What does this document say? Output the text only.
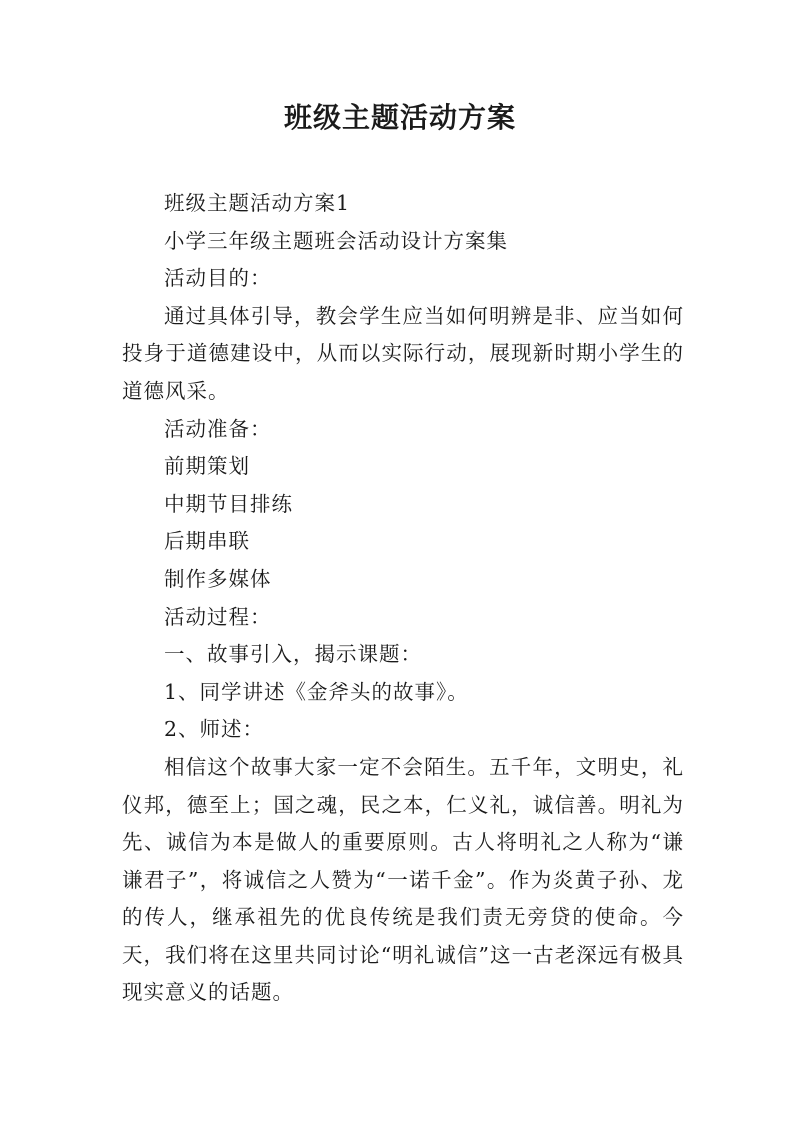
班级主题活动方案

班级主题活动方案1

小学三年级主题班会活动设计方案集

活动目的：

通过具体引导，教会学生应当如何明辨是非、应当如何投身于道德建设中，从而以实际行动，展现新时期小学生的道德风采。

活动准备：

前期策划

中期节目排练

后期串联

制作多媒体

活动过程：

一、故事引入，揭示课题：

1、同学讲述《金斧头的故事》。

2、师述：

相信这个故事大家一定不会陌生。五千年，文明史，礼仪邦，德至上；国之魂，民之本，仁义礼，诚信善。明礼为先、诚信为本是做人的重要原则。古人将明礼之人称为“谦谦君子”，将诚信之人赞为“一诺千金”。作为炎黄子孙、龙的传人，继承祖先的优良传统是我们责无旁贷的使命。今天，我们将在这里共同讨论“明礼诚信”这一古老深远有极具现实意义的话题。
